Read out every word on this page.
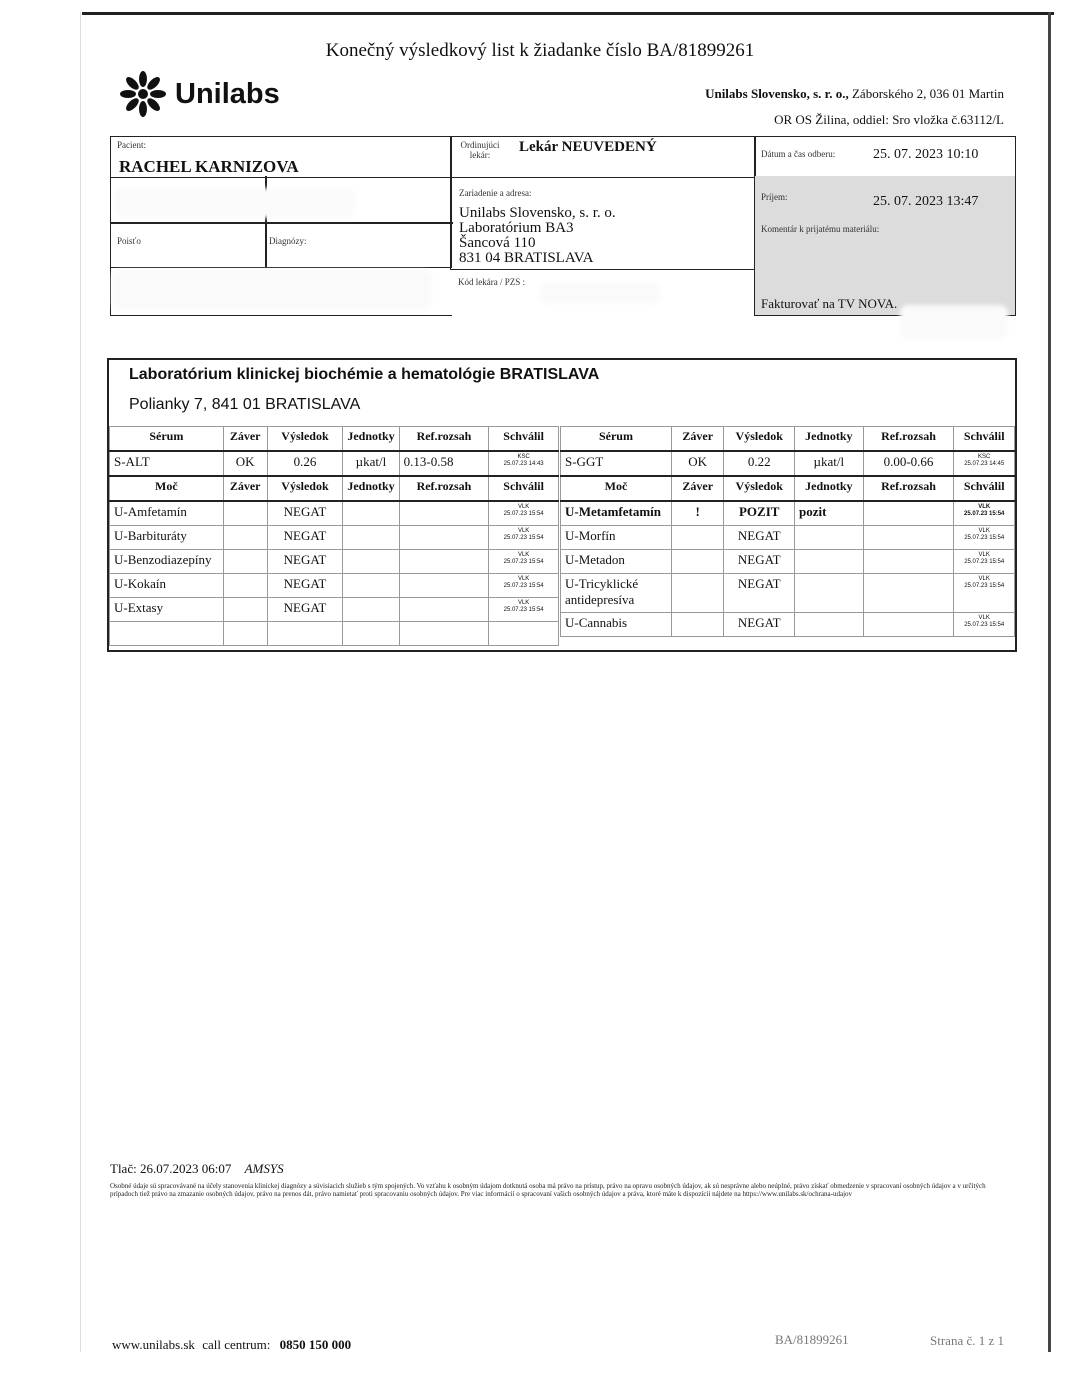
Konečný výsledkový list k žiadanke číslo BA/81899261
Unilabs	Unilabs Slovensko, s. r. o., Záborského 2, 036 01 Martin
OR OS Žilina, oddiel: Sro vložka č.63112/L
Pacient:
RACHEL KARNIZOVA
Poisťo	Diagnózy:
Ordinujúci lekár:	Lekár NEUVEDENÝ
Zariadenie a adresa:
Unilabs Slovensko, s. r. o.
Laboratórium BA3
Šancová 110
831 04 BRATISLAVA
Kód lekára / PZS :
Dátum a čas odberu:	25. 07. 2023 10:10
Príjem:	25. 07. 2023 13:47
Komentár k prijatému materiálu:
Fakturovať na TV NOVA.
Laboratórium klinickej biochémie a hematológie BRATISLAVA
Polianky 7, 841 01 BRATISLAVA
Sérum	Záver	Výsledok	Jednotky	Ref.rozsah	Schválil
S-ALT	OK	0.26	µkat/l	0.13-0.58	KSC
25.07.23 14:43

Moč	Záver	Výsledok	Jednotky	Ref.rozsah	Schválil
U-Amfetamín		NEGAT			VLK
25.07.23 15:54

U-Barbituráty		NEGAT			VLK
25.07.23 15:54

U-Benzodiazepíny		NEGAT			VLK
25.07.23 15:54

U-Kokaín		NEGAT			VLK
25.07.23 15:54

U-Extasy		NEGAT			VLK
25.07.23 15:54

Sérum	Záver	Výsledok	Jednotky	Ref.rozsah	Schválil
S-GGT	OK	0.22	µkat/l	0.00-0.66	KSC
25.07.23 14:45

Moč	Záver	Výsledok	Jednotky	Ref.rozsah	Schválil
U-Metamfetamín	!	POZIT	pozit		VLK
25.07.23 15:54

U-Morfín		NEGAT			VLK
25.07.23 15:54

U-Metadon		NEGAT			VLK
25.07.23 15:54

U-Tricyklické antidepresíva		NEGAT			VLK
25.07.23 15:54

U-Cannabis		NEGAT			VLK
25.07.23 15:54
Tlač: 26.07.2023 06:07 AMSYS
Osobné údaje sú spracovávané na účely stanovenia klinickej diagnózy a súvisiacich služieb s tým spojených. Vo vzťahu k osobným údajom dotknutá osoba má právo na prístup, právo na opravu osobných údajov, ak sú nesprávne alebo neúplné, právo získať obmedzenie v spracovaní osobných údajov a v určitých prípadoch tiež právo na zmazanie osobných údajov, právo na prenos dát, právo namietať proti spracovaniu osobných údajov. Pre viac informácií o spracovaní vašich osobných údajov a práva, ktoré máte k dispozícii nájdete na https://www.unilabs.sk/ochrana-udajov
www.unilabs.sk call centrum: 0850 150 000	BA/81899261	Strana č. 1 z 1
